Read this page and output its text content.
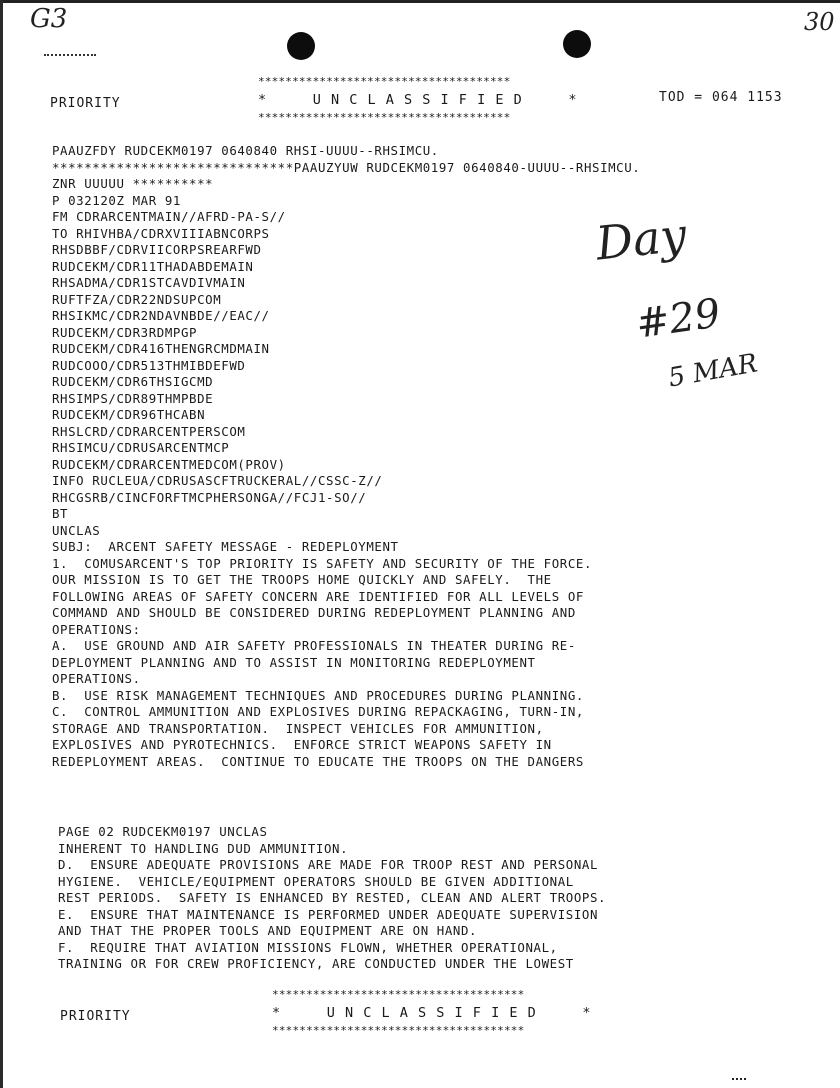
G3	30
Day
#29
5 MAR
PRIORITY
*************************************
*     U N C L A S S I F I E D     *
*************************************
TOD = 064 1153
PAAUZFDY RUDCEKM0197 0640840 RHSI-UUUU--RHSIMCU.
******************************PAAUZYUW RUDCEKM0197 0640840-UUUU--RHSIMCU.
ZNR UUUUU **********
P 032120Z MAR 91
FM CDRARCENTMAIN//AFRD-PA-S//
TO RHIVHBA/CDRXVIIIABNCORPS
RHSDBBF/CDRVIICORPSREARFWD
RUDCEKM/CDR11THADABDEMAIN
RHSADMA/CDR1STCAVDIVMAIN
RUFTFZA/CDR22NDSUPCOM
RHSIKMC/CDR2NDAVNBDE//EAC//
RUDCEKM/CDR3RDMPGP
RUDCEKM/CDR416THENGRCMDMAIN
RUDCOOO/CDR513THMIBDEFWD
RUDCEKM/CDR6THSIGCMD
RHSIMPS/CDR89THMPBDE
RUDCEKM/CDR96THCABN
RHSLCRD/CDRARCENTPERSCOM
RHSIMCU/CDRUSARCENTMCP
RUDCEKM/CDRARCENTMEDCOM(PROV)
INFO RUCLEUA/CDRUSASCFTRUCKERAL//CSSC-Z//
RHCGSRB/CINCFORFTMCPHERSONGA//FCJ1-SO//
BT
UNCLAS
SUBJ:  ARCENT SAFETY MESSAGE - REDEPLOYMENT
1.  COMUSARCENT'S TOP PRIORITY IS SAFETY AND SECURITY OF THE FORCE.
OUR MISSION IS TO GET THE TROOPS HOME QUICKLY AND SAFELY.  THE
FOLLOWING AREAS OF SAFETY CONCERN ARE IDENTIFIED FOR ALL LEVELS OF
COMMAND AND SHOULD BE CONSIDERED DURING REDEPLOYMENT PLANNING AND
OPERATIONS:
A.  USE GROUND AND AIR SAFETY PROFESSIONALS IN THEATER DURING RE-
DEPLOYMENT PLANNING AND TO ASSIST IN MONITORING REDEPLOYMENT
OPERATIONS.
B.  USE RISK MANAGEMENT TECHNIQUES AND PROCEDURES DURING PLANNING.
C.  CONTROL AMMUNITION AND EXPLOSIVES DURING REPACKAGING, TURN-IN,
STORAGE AND TRANSPORTATION.  INSPECT VEHICLES FOR AMMUNITION,
EXPLOSIVES AND PYROTECHNICS.  ENFORCE STRICT WEAPONS SAFETY IN
REDEPLOYMENT AREAS.  CONTINUE TO EDUCATE THE TROOPS ON THE DANGERS
PAGE 02 RUDCEKM0197 UNCLAS
INHERENT TO HANDLING DUD AMMUNITION.
D.  ENSURE ADEQUATE PROVISIONS ARE MADE FOR TROOP REST AND PERSONAL
HYGIENE.  VEHICLE/EQUIPMENT OPERATORS SHOULD BE GIVEN ADDITIONAL
REST PERIODS.  SAFETY IS ENHANCED BY RESTED, CLEAN AND ALERT TROOPS.
E.  ENSURE THAT MAINTENANCE IS PERFORMED UNDER ADEQUATE SUPERVISION
AND THAT THE PROPER TOOLS AND EQUIPMENT ARE ON HAND.
F.  REQUIRE THAT AVIATION MISSIONS FLOWN, WHETHER OPERATIONAL,
TRAINING OR FOR CREW PROFICIENCY, ARE CONDUCTED UNDER THE LOWEST
PRIORITY
*************************************
*     U N C L A S S I F I E D     *
*************************************
